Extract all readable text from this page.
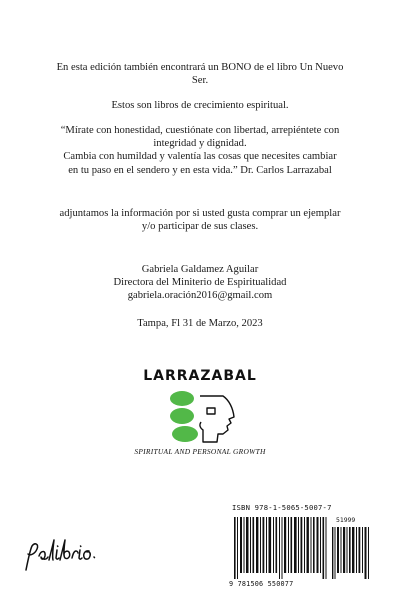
En esta edición también encontrará un BONO de el libro Un Nuevo Ser.
Estos son libros de crecimiento espiritual.
“Mírate con honestidad, cuestiónate con libertad, arrepiéntete con
integridad y dignidad.
Cambia con humildad y valentía las cosas que necesites cambiar
en tu paso en el sendero y en esta vida.” Dr. Carlos Larrazabal
adjuntamos la información por si usted gusta comprar un ejemplar y/o participar de sus clases.
Gabriela Galdamez Aguilar
Directora del Miniterio de Espiritualidad
gabriela.oración2016@gmail.com
Tampa, Fl 31 de Marzo, 2023
LARRAZABAL
SPIRITUAL AND PERSONAL GROWTH
ISBN 978-1-5065-5007-7
51999
9 781506 550077
palibrio.
